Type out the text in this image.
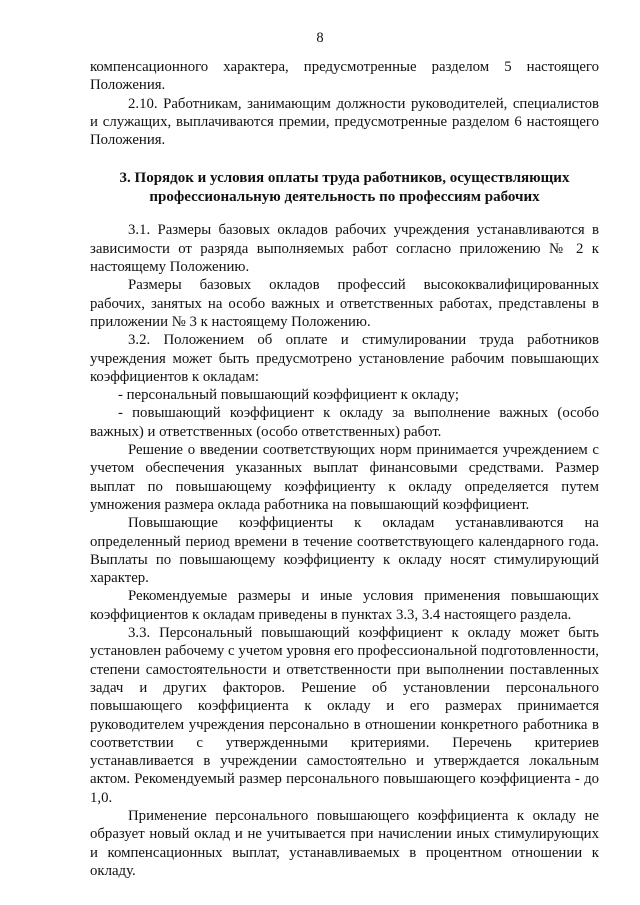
8

компенсационного характера, предусмотренные разделом 5 настоящего Положения.

2.10. Работникам, занимающим должности руководителей, специалистов и служащих, выплачиваются премии, предусмотренные разделом 6 настоящего Положения.

3. Порядок и условия оплаты труда работников, осуществляющих профессиональную деятельность по профессиям рабочих

3.1. Размеры базовых окладов рабочих учреждения устанавливаются в зависимости от разряда выполняемых работ согласно приложению № 2 к настоящему Положению.

Размеры базовых окладов профессий высококвалифицированных рабочих, занятых на особо важных и ответственных работах, представлены в приложении № 3 к настоящему Положению.

3.2. Положением об оплате и стимулировании труда работников учреждения может быть предусмотрено установление рабочим повышающих коэффициентов к окладам:

- персональный повышающий коэффициент к окладу;

- повышающий коэффициент к окладу за выполнение важных (особо важных) и ответственных (особо ответственных) работ.

Решение о введении соответствующих норм принимается учреждением с учетом обеспечения указанных выплат финансовыми средствами. Размер выплат по повышающему коэффициенту к окладу определяется путем умножения размера оклада работника на повышающий коэффициент.

Повышающие коэффициенты к окладам устанавливаются на определенный период времени в течение соответствующего календарного года. Выплаты по повышающему коэффициенту к окладу носят стимулирующий характер.

Рекомендуемые размеры и иные условия применения повышающих коэффициентов к окладам приведены в пунктах 3.3, 3.4 настоящего раздела.

3.3. Персональный повышающий коэффициент к окладу может быть установлен рабочему с учетом уровня его профессиональной подготовленности, степени самостоятельности и ответственности при выполнении поставленных задач и других факторов. Решение об установлении персонального повышающего коэффициента к окладу и его размерах принимается руководителем учреждения персонально в отношении конкретного работника в соответствии с утвержденными критериями. Перечень критериев устанавливается в учреждении самостоятельно и утверждается локальным актом. Рекомендуемый размер персонального повышающего коэффициента - до 1,0.

Применение персонального повышающего коэффициента к окладу не образует новый оклад и не учитывается при начислении иных стимулирующих и компенсационных выплат, устанавливаемых в процентном отношении к окладу.
